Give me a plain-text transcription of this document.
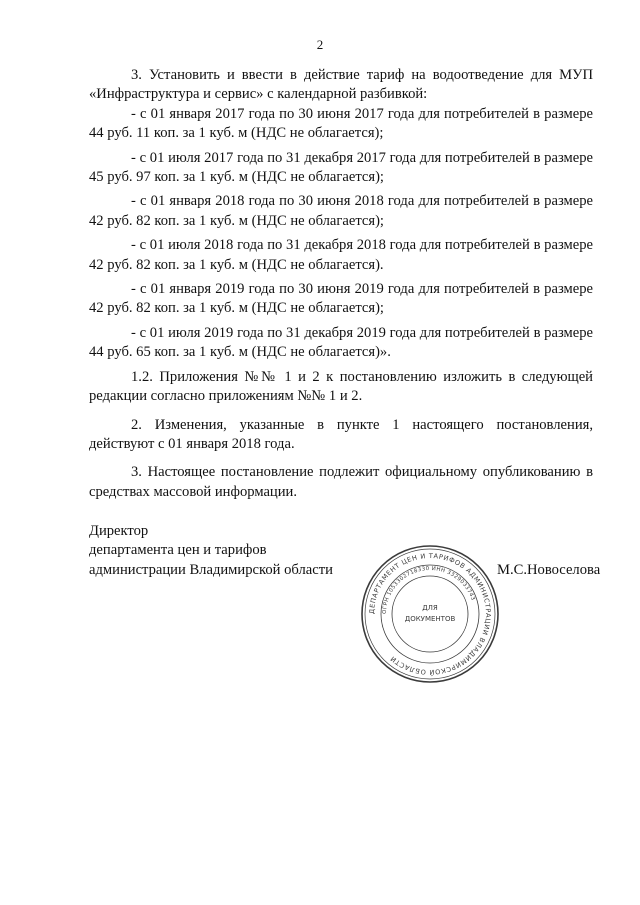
2

3. Установить и ввести в действие тариф на водоотведение для МУП «Инфраструктура и сервис» с календарной разбивкой:

- с 01 января 2017 года по 30 июня 2017 года для потребителей в размере 44 руб. 11 коп. за 1 куб. м (НДС не облагается);

- с 01 июля 2017 года по 31 декабря 2017 года для потребителей в размере 45 руб. 97 коп. за 1 куб. м (НДС не облагается);

- с 01 января 2018 года по 30 июня 2018 года для потребителей в размере 42 руб. 82 коп. за 1 куб. м (НДС не облагается);

- с 01 июля 2018 года по 31 декабря 2018 года для потребителей в размере 42 руб. 82 коп. за 1 куб. м (НДС не облагается).

- с 01 января 2019 года по 30 июня 2019 года для потребителей в размере 42 руб. 82 коп. за 1 куб. м (НДС не облагается);

- с 01 июля 2019 года по 31 декабря 2019 года для потребителей в размере 44 руб. 65 коп. за 1 куб. м (НДС не облагается)».

1.2. Приложения №№ 1 и 2 к постановлению изложить в следующей редакции согласно приложениям №№ 1 и 2.

2. Изменения, указанные в пункте 1 настоящего постановления, действуют с 01 января 2018 года.

3. Настоящее постановление подлежит официальному опубликованию в средствах массовой информации.

Директор
департамента цен и тарифов
администрации Владимирской области
ДЕПАРТАМЕНТ ЦЕН И ТАРИФОВ АДМИНИСТРАЦИИ ВЛАДИМИРСКОЙ ОБЛАСТИ
ОГРН 1053302718330 ИНН 3329033743
ДЛЯ
ДОКУМЕНТОВ
М.С.Новоселова
